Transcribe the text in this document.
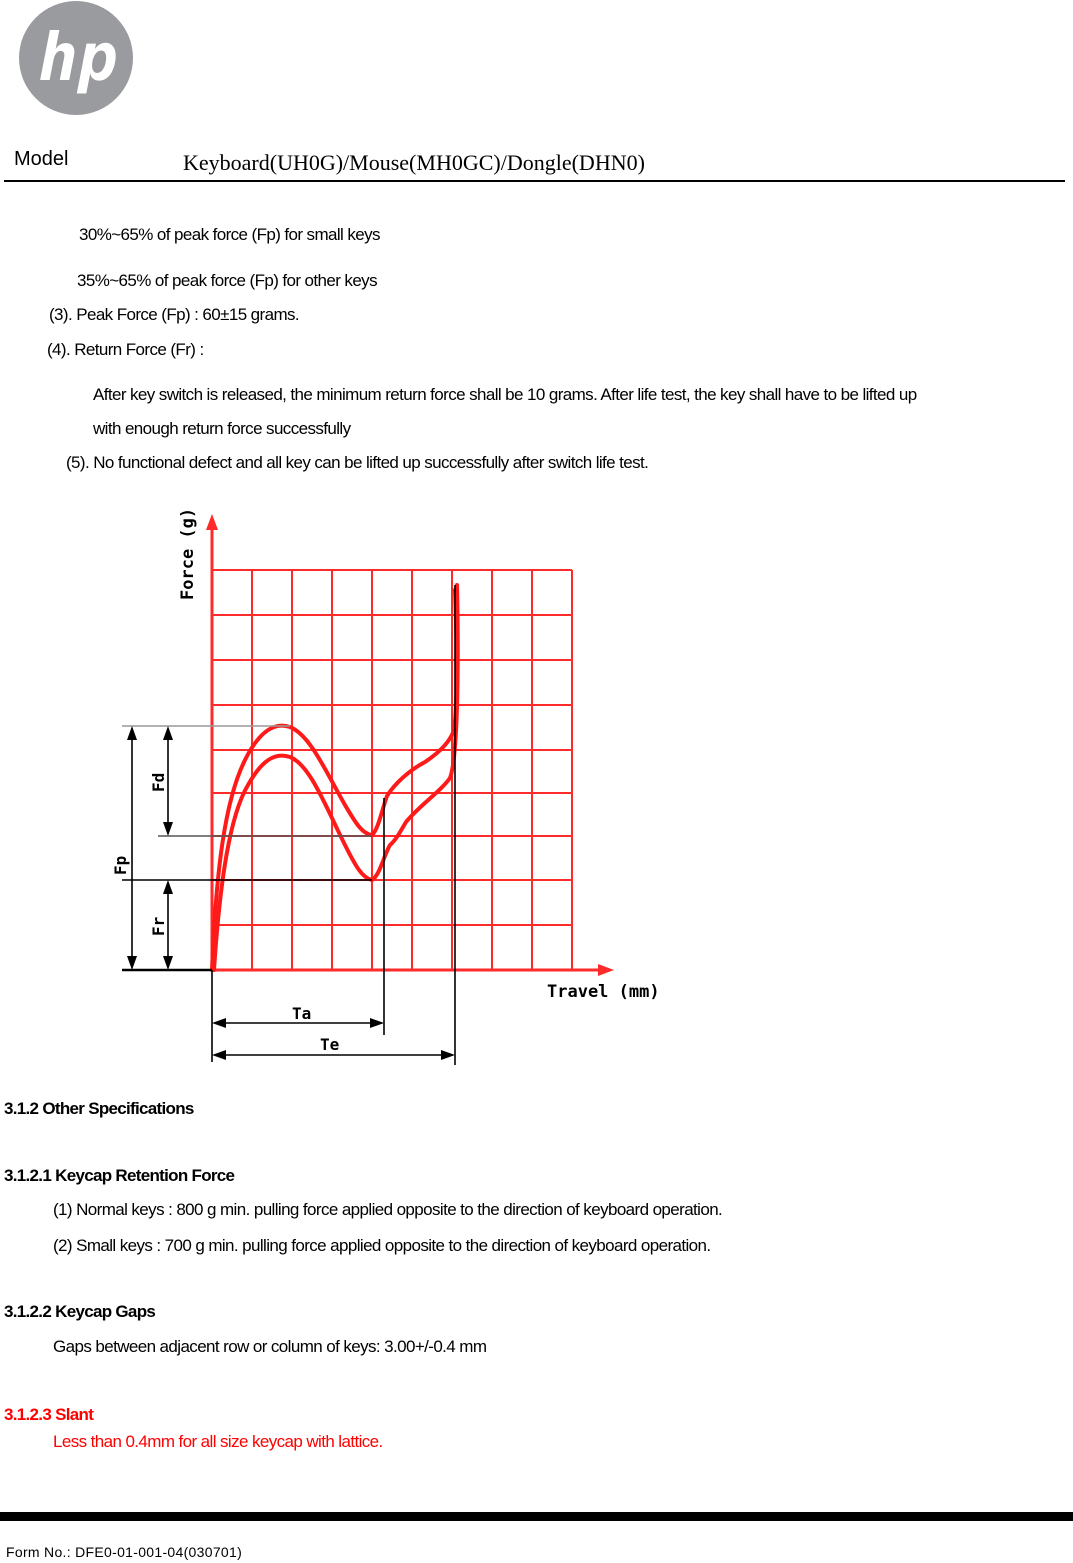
hp
Model	Keyboard(UH0G)/Mouse(MH0GC)/Dongle(DHN0)
30%~65% of peak force (Fp) for small keys
35%~65% of peak force (Fp) for other keys
(3). Peak Force (Fp) : 60±15 grams.
(4). Return Force (Fr) :
After key switch is released, the minimum return force shall be 10 grams. After life test, the key shall have to be lifted up
with enough return force successfully
(5). No functional defect and all key can be lifted up successfully after switch life test.
Force (g)
Travel (mm)
Fd
Fp
Fr
Ta
Te
3.1.2 Other Specifications
3.1.2.1 Keycap Retention Force
(1) Normal keys : 800 g min. pulling force applied opposite to the direction of keyboard operation.
(2) Small keys : 700 g min. pulling force applied opposite to the direction of keyboard operation.
3.1.2.2 Keycap Gaps
Gaps between adjacent row or column of keys: 3.00+/-0.4 mm
3.1.2.3 Slant
Less than 0.4mm for all size keycap with lattice.
Form No.: DFE0-01-001-04(030701)
